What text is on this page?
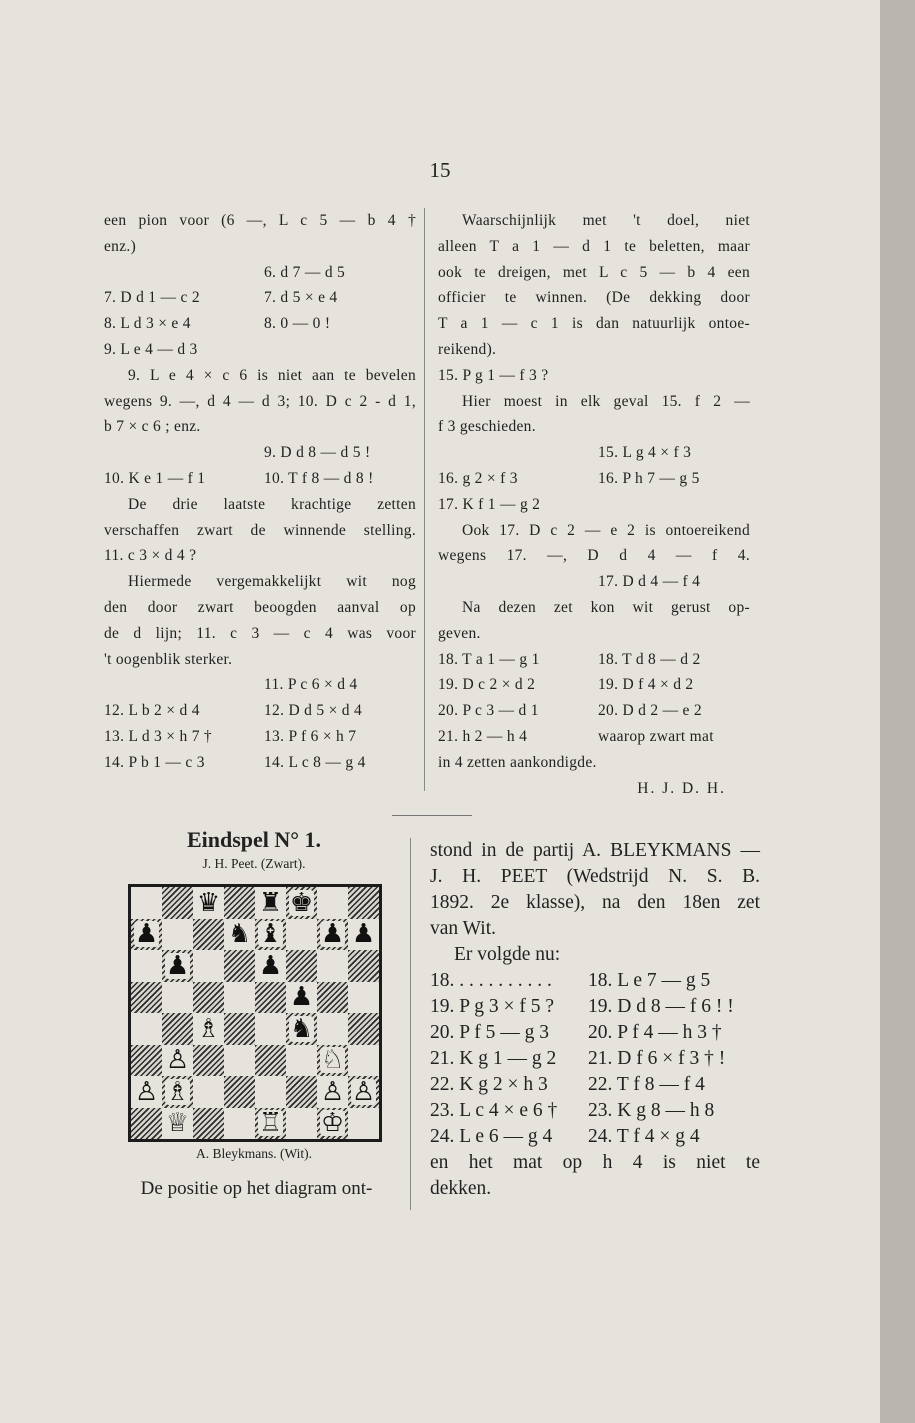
15
een pion voor (6 —, L c 5 — b 4 †
enz.)
6. d 7 — d 5
7. D d 1 — c 2	7. d 5 × e 4
8. L d 3 × e 4	8. 0 — 0 !
9. L e 4 — d 3
9. L e 4 × c 6 is niet aan te bevelen
wegens 9. —, d 4 — d 3; 10. D c 2 - d 1,
b 7 × c 6 ; enz.
9. D d 8 — d 5 !
10. K e 1 — f 1	10. T f 8 — d 8 !
De drie laatste krachtige zetten
verschaffen zwart de winnende stelling.
11. c 3 × d 4 ?
Hiermede vergemakkelijkt wit nog
den door zwart beoogden aanval op
de d lijn; 11. c 3 — c 4 was voor
't oogenblik sterker.
11. P c 6 × d 4
12. L b 2 × d 4	12. D d 5 × d 4
13. L d 3 × h 7 †	13. P f 6 × h 7
14. P b 1 — c 3	14. L c 8 — g 4
Waarschijnlijk met 't doel, niet
alleen T a 1 — d 1 te beletten, maar
ook te dreigen, met L c 5 — b 4 een
officier te winnen. (De dekking door
T a 1 — c 1 is dan natuurlijk ontoe-
reikend).
15. P g 1 — f 3 ?
Hier moest in elk geval 15. f 2 —
f 3 geschieden.
15. L g 4 × f 3
16. g 2 × f 3	16. P h 7 — g 5
17. K f 1 — g 2
Ook 17. D c 2 — e 2 is ontoereikend
wegens 17. —, D d 4 — f 4.
17. D d 4 — f 4
Na dezen zet kon wit gerust op-
geven.
18. T a 1 — g 1	18. T d 8 — d 2
19. D c 2 × d 2	19. D f 4 × d 2
20. P c 3 — d 1	20. D d 2 — e 2
21. h 2 — h 4	waarop zwart mat
in 4 zetten aankondigde.
H. J. D. H.
Eindspel N° 1.
J. H. Peet. (Zwart).
♛ ♜ ♚
♟	♞ ♝ ♟ ♟
♟	♟
♟
♗	♞
♙	♘
♙ ♗	♙ ♙
♕	♖ ♔
A. Bleykmans. (Wit).
De positie op het diagram ont-
stond in de partij A. BLEYKMANS —
J. H. PEET (Wedstrijd N. S. B.
1892. 2e klasse), na den 18en zet
van Wit.
Er volgde nu:
18. . . . . . . . . . .	18. L e 7 — g 5
19. P g 3 × f 5 ?	19. D d 8 — f 6 ! !
20. P f 5 — g 3	20. P f 4 — h 3 †
21. K g 1 — g 2	21. D f 6 × f 3 † !
22. K g 2 × h 3	22. T f 8 — f 4
23. L c 4 × e 6 †	23. K g 8 — h 8
24. L e 6 — g 4	24. T f 4 × g 4
en het mat op h 4 is niet te
dekken.
